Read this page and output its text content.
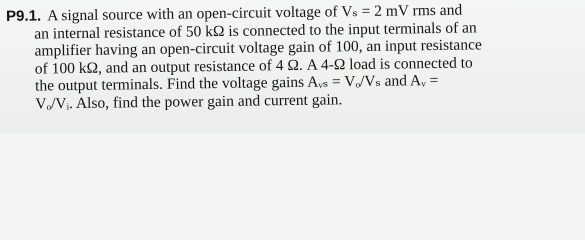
P9.1. A signal source with an open-circuit voltage of Vₛ = 2 mV rms and

an internal resistance of 50 kΩ is connected to the input terminals of an

amplifier having an open-circuit voltage gain of 100, an input resistance

of 100 kΩ, and an output resistance of 4 Ω. A 4-Ω load is connected to

the output terminals. Find the voltage gains Aᵥₛ = Vₒ/Vₛ and Aᵥ =

Vₒ/Vᵢ. Also, find the power gain and current gain.
